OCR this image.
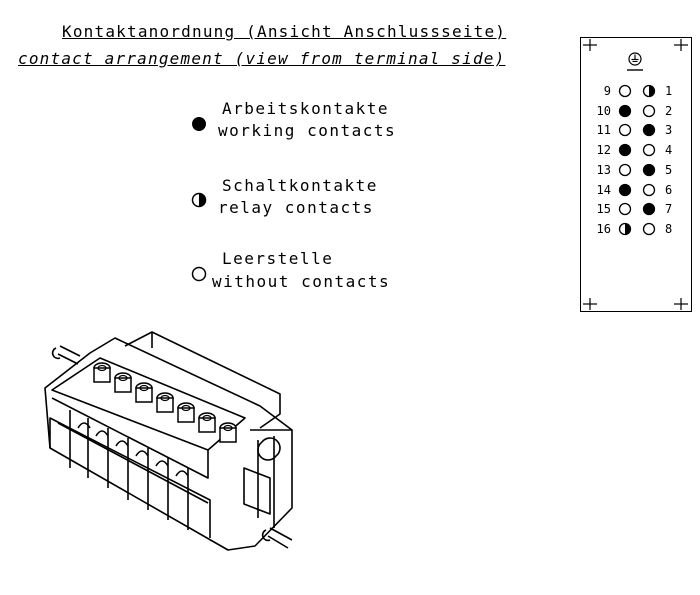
Kontaktanordnung (Ansicht Anschlussseite)
contact arrangement (view from terminal side)
Arbeitskontakte
working contacts
Schaltkontakte
relay contacts
Leerstelle
without contacts
9	1
10	2
11	3
12	4
13	5
14	6
15	7
16	8
